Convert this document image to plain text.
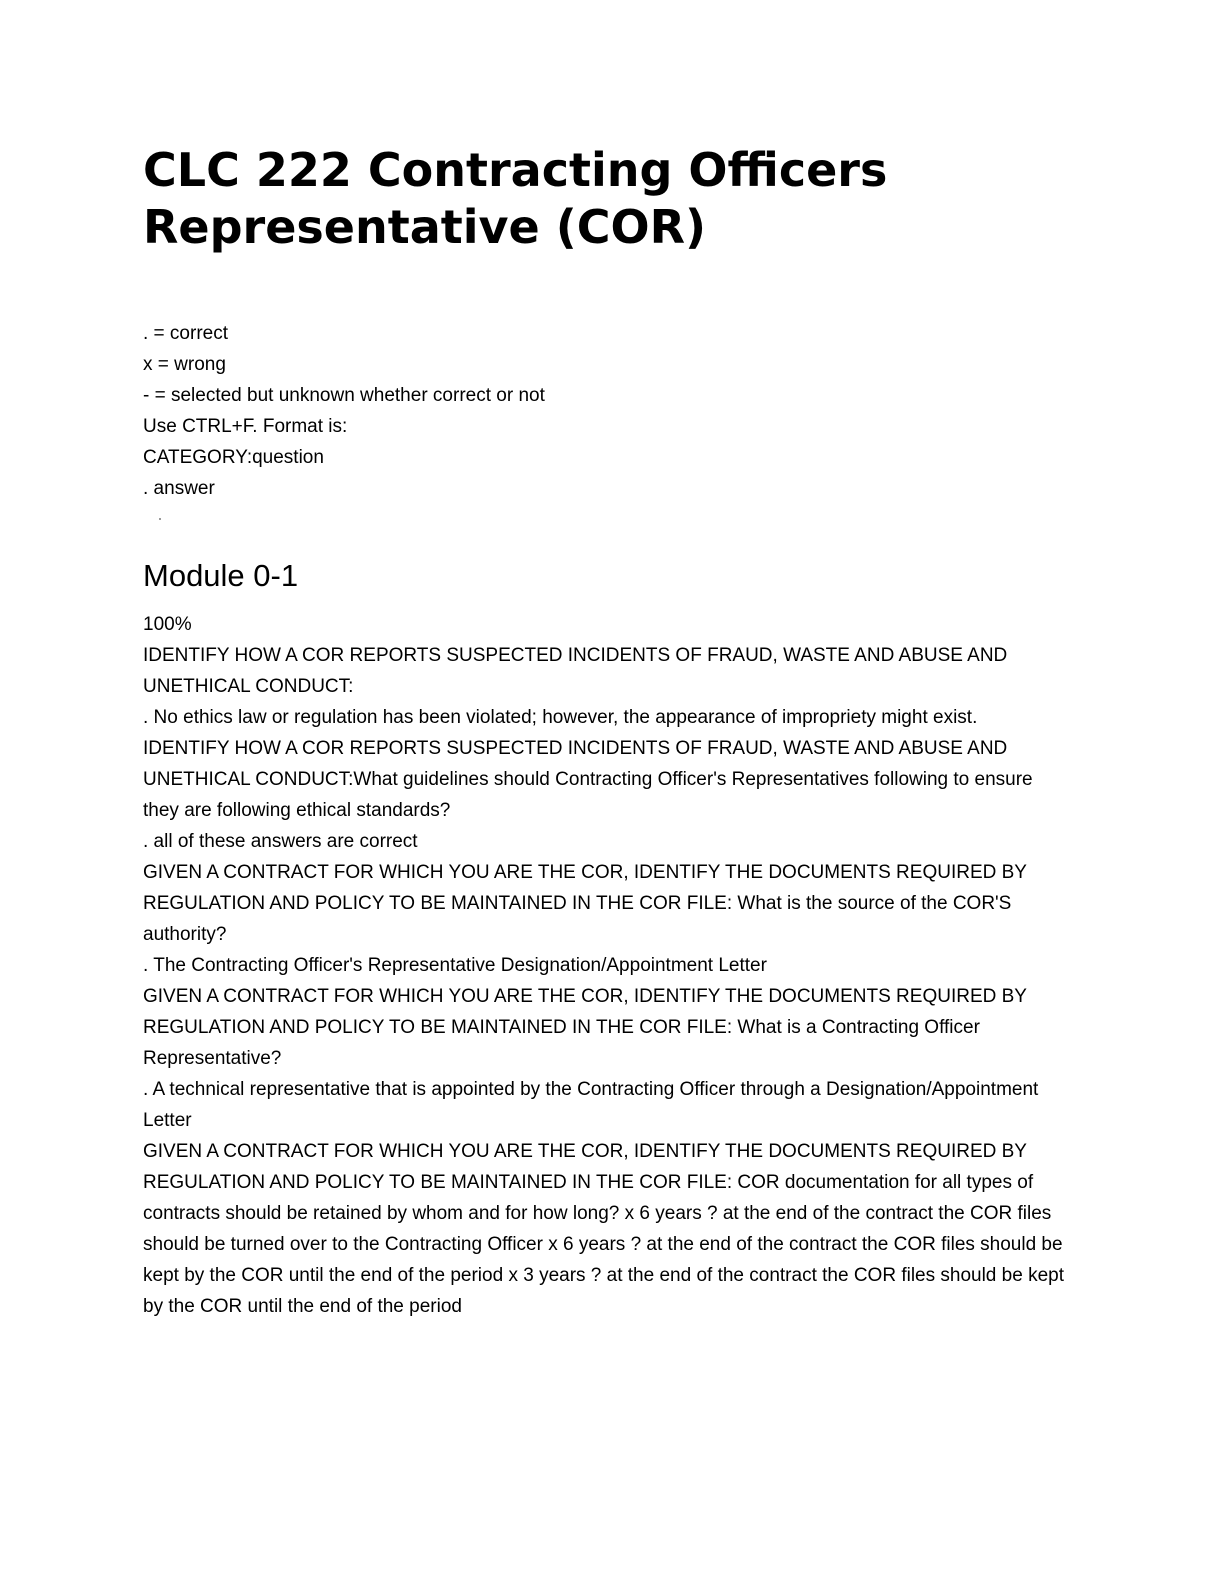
CLC 222 Contracting Officers
Representative (COR)
. = correct
x = wrong
- = selected but unknown whether correct or not
Use CTRL+F. Format is:
CATEGORY:question
. answer
Module 0-1
100%
IDENTIFY HOW A COR REPORTS SUSPECTED INCIDENTS OF FRAUD, WASTE AND ABUSE AND UNETHICAL CONDUCT:
. No ethics law or regulation has been violated; however, the appearance of impropriety might exist.
IDENTIFY HOW A COR REPORTS SUSPECTED INCIDENTS OF FRAUD, WASTE AND ABUSE AND UNETHICAL CONDUCT:What guidelines should Contracting Officer's Representatives following to ensure they are following ethical standards?
. all of these answers are correct
GIVEN A CONTRACT FOR WHICH YOU ARE THE COR, IDENTIFY THE DOCUMENTS REQUIRED BY REGULATION AND POLICY TO BE MAINTAINED IN THE COR FILE: What is the source of the COR'S authority?
. The Contracting Officer's Representative Designation/Appointment Letter
GIVEN A CONTRACT FOR WHICH YOU ARE THE COR, IDENTIFY THE DOCUMENTS REQUIRED BY REGULATION AND POLICY TO BE MAINTAINED IN THE COR FILE: What is a Contracting Officer Representative?
. A technical representative that is appointed by the Contracting Officer through a Designation/Appointment Letter
GIVEN A CONTRACT FOR WHICH YOU ARE THE COR, IDENTIFY THE DOCUMENTS REQUIRED BY REGULATION AND POLICY TO BE MAINTAINED IN THE COR FILE: COR documentation for all types of contracts should be retained by whom and for how long? x 6 years ? at the end of the contract the COR files should be turned over to the Contracting Officer x 6 years ? at the end of the contract the COR files should be kept by the COR until the end of the period x 3 years ? at the end of the contract the COR files should be kept by the COR until the end of the period
